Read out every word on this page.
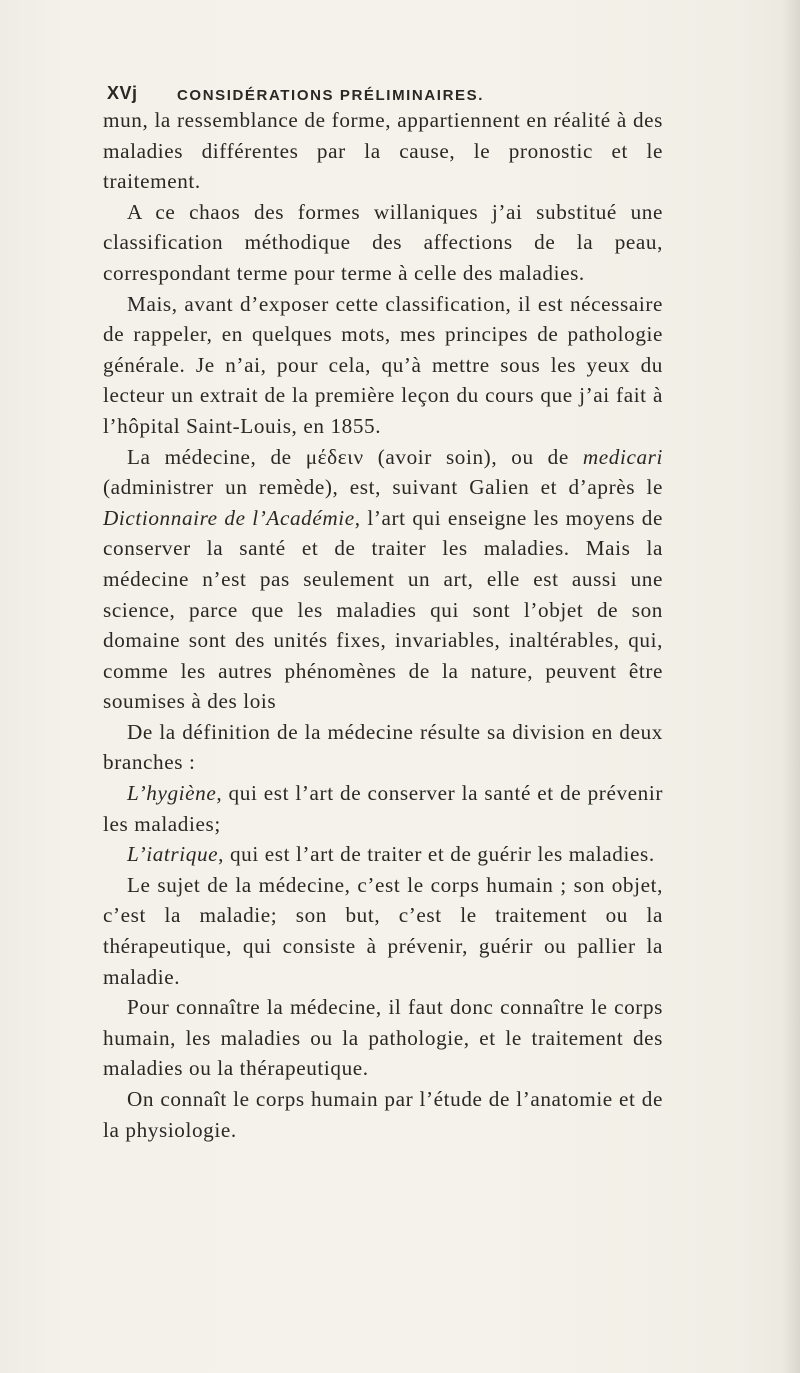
XVj	CONSIDÉRATIONS PRÉLIMINAIRES.

mun, la ressemblance de forme, appartiennent en réalité à des maladies différentes par la cause, le pronostic et le traitement.

A ce chaos des formes willaniques j’ai substitué une classification méthodique des affections de la peau, correspondant terme pour terme à celle des maladies.

Mais, avant d’exposer cette classification, il est nécessaire de rappeler, en quelques mots, mes principes de pathologie générale. Je n’ai, pour cela, qu’à mettre sous les yeux du lecteur un extrait de la première leçon du cours que j’ai fait à l’hôpital Saint-Louis, en 1855.

La médecine, de μέδειν (avoir soin), ou de medicari (administrer un remède), est, suivant Galien et d’après le Dictionnaire de l’Académie, l’art qui enseigne les moyens de conserver la santé et de traiter les maladies. Mais la médecine n’est pas seulement un art, elle est aussi une science, parce que les maladies qui sont l’objet de son domaine sont des unités fixes, invariables, inaltérables, qui, comme les autres phénomènes de la nature, peuvent être soumises à des lois

De la définition de la médecine résulte sa division en deux branches :

L’hygiène, qui est l’art de conserver la santé et de prévenir les maladies;

L’iatrique, qui est l’art de traiter et de guérir les maladies.

Le sujet de la médecine, c’est le corps humain ; son objet, c’est la maladie; son but, c’est le traitement ou la thérapeutique, qui consiste à prévenir, guérir ou pallier la maladie.

Pour connaître la médecine, il faut donc connaître le corps humain, les maladies ou la pathologie, et le traitement des maladies ou la thérapeutique.

On connaît le corps humain par l’étude de l’anatomie et de la physiologie.
